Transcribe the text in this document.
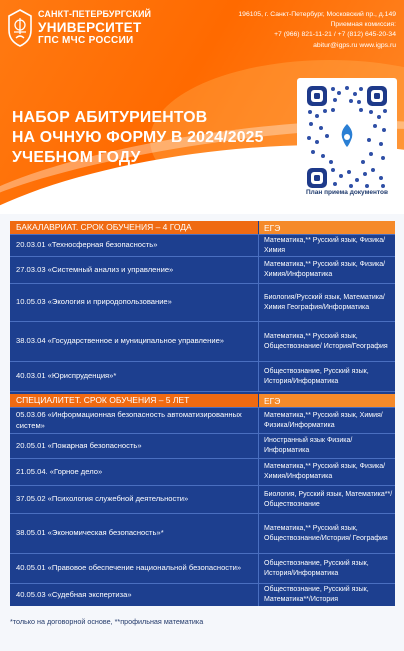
САНКТ-ПЕТЕРБУРГСКИЙ
УНИВЕРСИТЕТ
ГПС МЧС РОССИИ
196105, г. Санкт-Петербург, Московский пр., д.149
Приемная комиссия:
+7 (966) 821-11-21 / +7 (812) 645-20-34
abitur@igps.ru www.igps.ru
НАБОР АБИТУРИЕНТОВ
НА ОЧНУЮ ФОРМУ В 2024/2025
УЧЕБНОМ ГОДУ
План приема документов
БАКАЛАВРИАТ. СРОК ОБУЧЕНИЯ – 4 ГОДА	ЕГЭ
20.03.01 «Техносферная безопасность»
Математика,** Русский язык, Физика/Химия
27.03.03 «Системный анализ и управление»
Математика,** Русский язык, Физика/Химия/Информатика
10.05.03 «Экология и природопользование»
Биология/Русский язык, Математика/Химия География/Информатика
38.03.04 «Государственное и муниципальное управление»
Математика,** Русский язык, Обществознание/ История/География
40.03.01 «Юриспруденция»*
Обществознание, Русский язык, История/Информатика
СПЕЦИАЛИТЕТ. СРОК ОБУЧЕНИЯ – 5 ЛЕТ	ЕГЭ
05.03.06 «Информационная безопасность автоматизированных систем»
Математика,** Русский язык, Химия/Физика/Информатика
20.05.01 «Пожарная безопасность»
Иностранный язык Физика/Информатика
21.05.04. «Горное дело»
Математика,** Русский язык, Физика/Химия/Информатика
37.05.02 «Психология служебной деятельности»
Биология, Русский язык, Математика**/Обществознание
38.05.01 «Экономическая безопасность»*
Математика,** Русский язык, Обществознание/История/ География
40.05.01 «Правовое обеспечение национальной безопасности»
Обществознание, Русский язык, История/Информатика
40.05.03 «Судебная экспертиза»
Обществознание, Русский язык, Математика**/История
*только на договорной основе, **профильная математика
